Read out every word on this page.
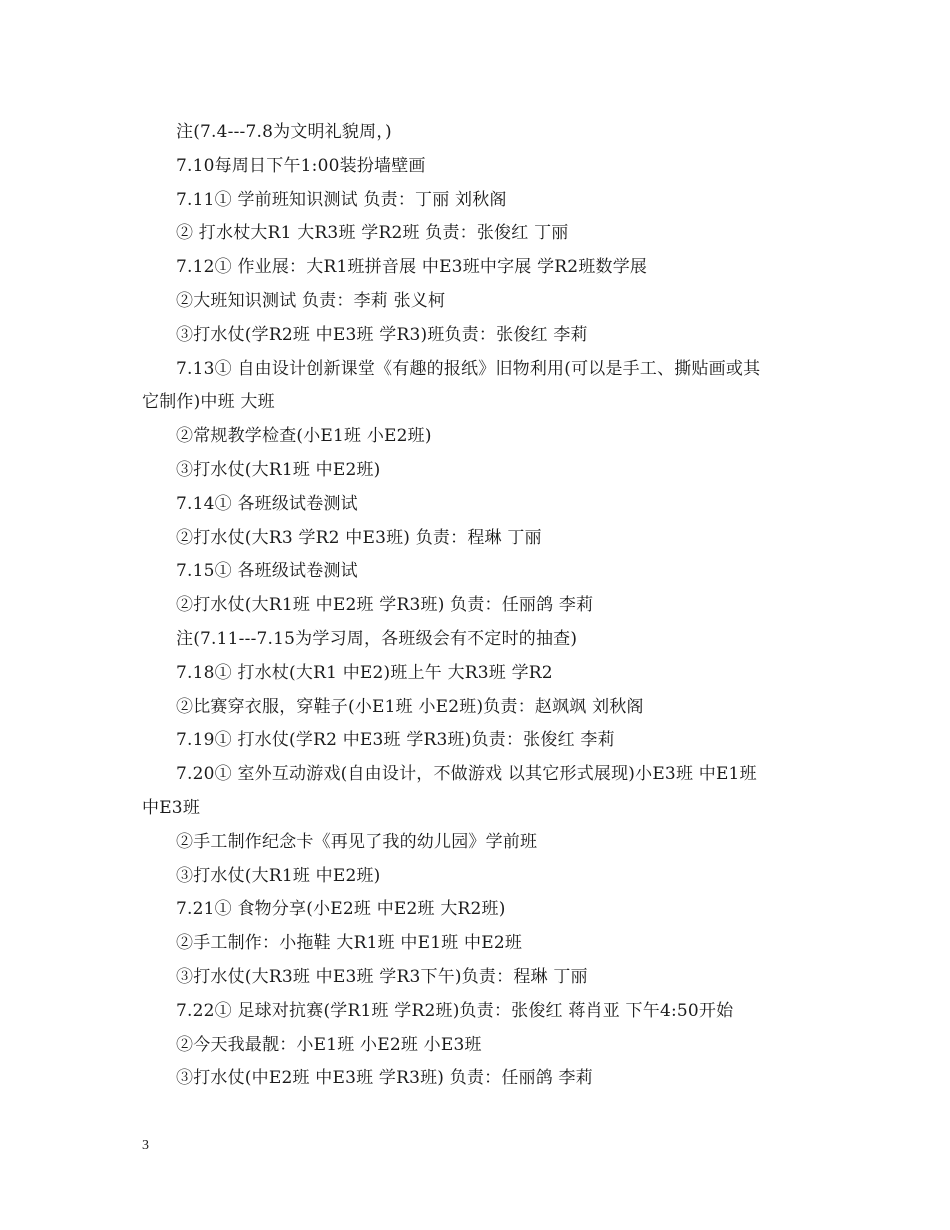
注(7.4---7.8为文明礼貌周，)
7.10每周日下午1:00装扮墙壁画
7.11① 学前班知识测试 负责：丁丽 刘秋阁
② 打水杖大R1 大R3班 学R2班 负责：张俊红 丁丽
7.12① 作业展：大R1班拼音展 中E3班中字展 学R2班数学展
②大班知识测试 负责：李莉 张义柯
③打水仗(学R2班 中E3班 学R3)班负责：张俊红 李莉
7.13① 自由设计创新课堂《有趣的报纸》旧物利用(可以是手工、撕贴画或其
它制作)中班 大班
②常规教学检查(小E1班 小E2班)
③打水仗(大R1班 中E2班)
7.14① 各班级试卷测试
②打水仗(大R3 学R2 中E3班) 负责：程琳 丁丽
7.15① 各班级试卷测试
②打水仗(大R1班 中E2班 学R3班) 负责：任丽鸽 李莉
注(7.11---7.15为学习周，各班级会有不定时的抽查)
7.18① 打水杖(大R1 中E2)班上午 大R3班 学R2
②比赛穿衣服，穿鞋子(小E1班 小E2班)负责：赵飒飒 刘秋阁
7.19① 打水仗(学R2 中E3班 学R3班)负责：张俊红 李莉
7.20① 室外互动游戏(自由设计，不做游戏 以其它形式展现)小E3班 中E1班
中E3班
②手工制作纪念卡《再见了我的幼儿园》学前班
③打水仗(大R1班 中E2班)
7.21① 食物分享(小E2班 中E2班 大R2班)
②手工制作：小拖鞋 大R1班 中E1班 中E2班
③打水仗(大R3班 中E3班 学R3下午)负责：程琳 丁丽
7.22① 足球对抗赛(学R1班 学R2班)负责：张俊红 蒋肖亚 下午4:50开始
②今天我最靓：小E1班 小E2班 小E3班
③打水仗(中E2班 中E3班 学R3班) 负责：任丽鸽 李莉
3
